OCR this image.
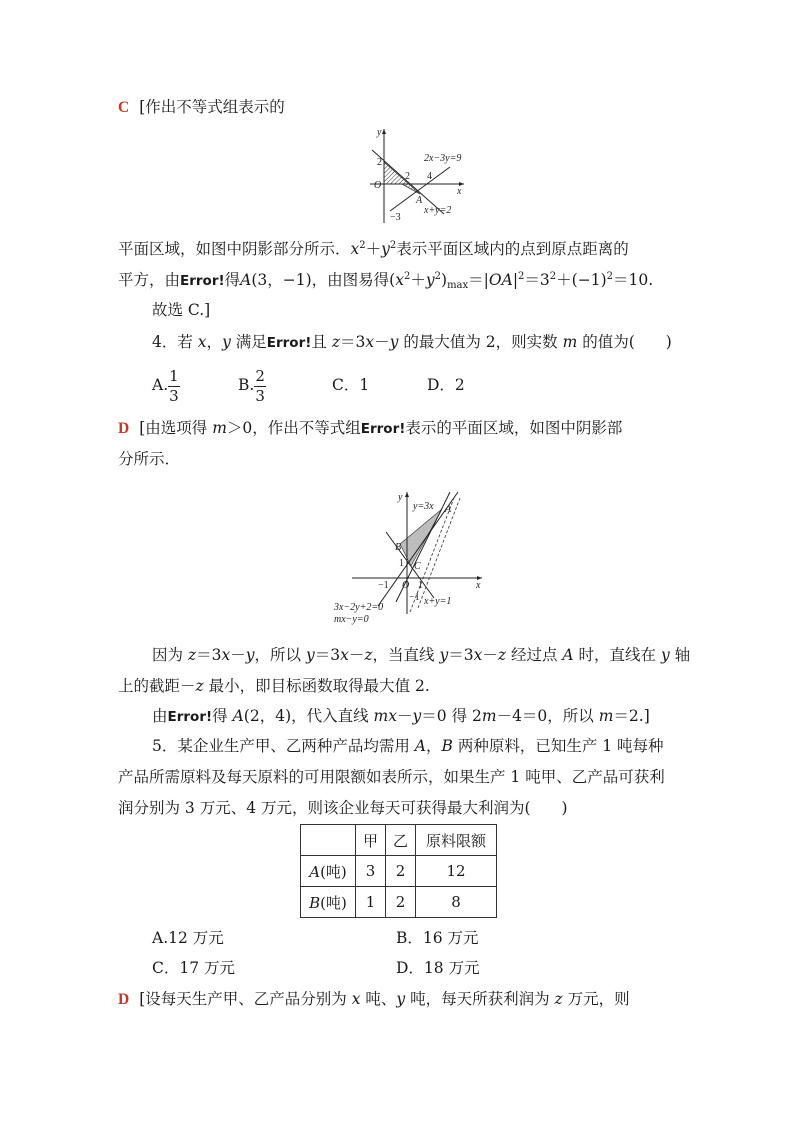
C [作出不等式组表示的
y
x
O
2
2 4
−3
A
2x−3y=9
x+y=2
平面区域，如图中阴影部分所示．$x^2+y^2$表示平面区域内的点到原点距离的
平方，由Error!得A(3，−1)，由图易得$(x^2+y^2)_{max}=|OA|^2=3^2+(-1)^2=10$.
故选 C.]
4．若 x，y 满足Error!且 z＝3x－y 的最大值为 2，则实数 m 的值为(　　)
A. $\frac{1}{3}$	B. $\frac{2}{3}$	C．1	D．2
D [由选项得 m＞0，作出不等式组Error!表示的平面区域，如图中阴影部
分所示．
y
x
O
A
B
C
1
1
−1
−1
y=3x
x+y=1
3x−2y+2=0
mx−y=0
因为 z＝3x－y，所以 y＝3x－z，当直线 y＝3x－z 经过点 A 时，直线在 y 轴
上的截距－z 最小，即目标函数取得最大值 2.
由Error!得 A(2，4)，代入直线 mx－y＝0 得 2m－4＝0，所以 m＝2.]
5．某企业生产甲、乙两种产品均需用 A，B 两种原料，已知生产 1 吨每种
产品所需原料及每天原料的可用限额如表所示，如果生产 1 吨甲、乙产品可获利
润分别为 3 万元、4 万元，则该企业每天可获得最大利润为(　　)
	甲	乙	原料限额
A(吨)	3	2	12
B(吨)	1	2	8
A.12 万元	B．16 万元
C．17 万元	D．18 万元
D [设每天生产甲、乙产品分别为 x 吨、y 吨，每天所获利润为 z 万元，则
